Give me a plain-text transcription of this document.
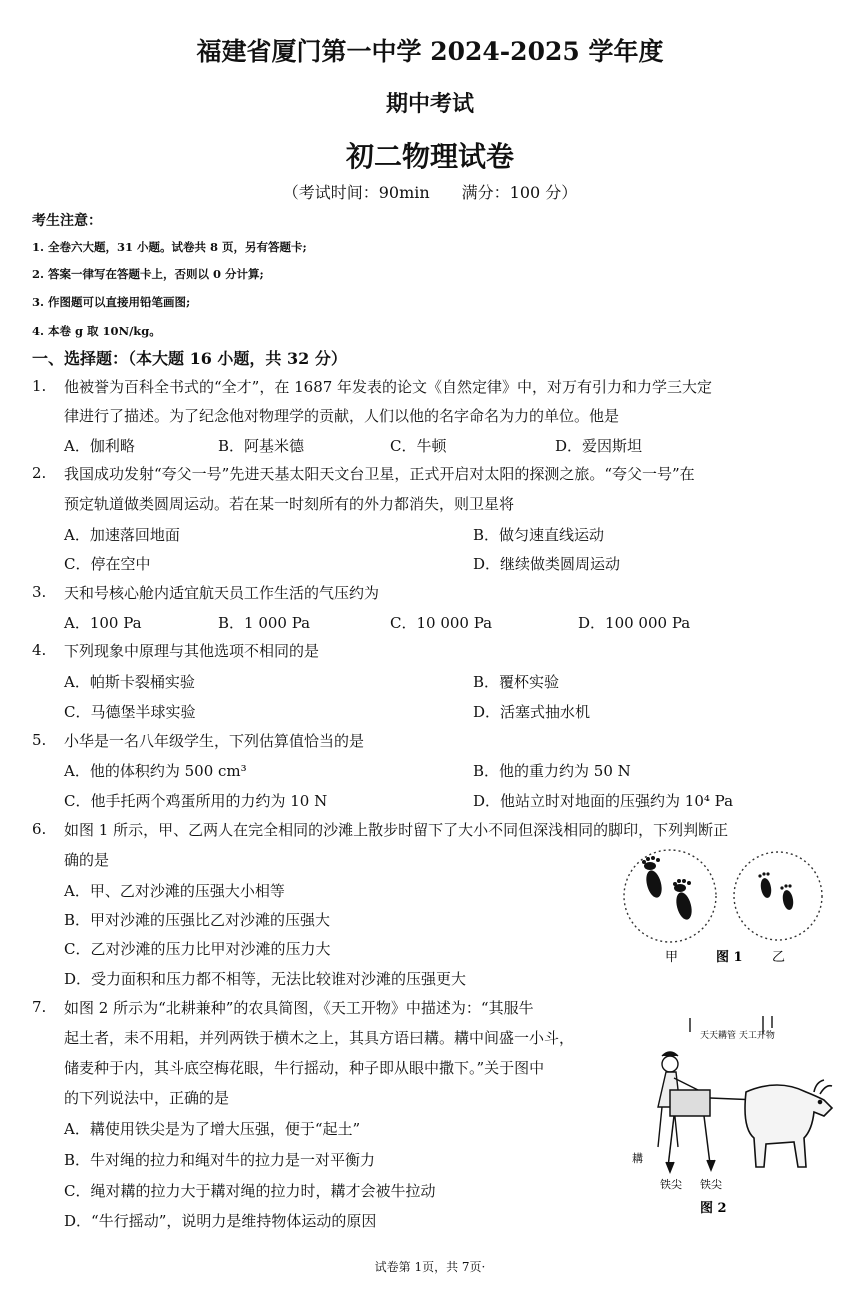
福建省厦门第一中学 2024-2025 学年度
期中考试
初二物理试卷
（考试时间：90min　　满分：100 分）
考生注意：
1. 全卷六大题，31 小题。试卷共 8 页，另有答题卡;
2. 答案一律写在答题卡上，否则以 0 分计算;
3. 作图题可以直接用铅笔画图;
4. 本卷 g 取 10N/kg。
一、选择题：（本大题 16 小题，共 32 分）
1. 他被誉为百科全书式的“全才”，在 1687 年发表的论文《自然定律》中，对万有引力和力学三大定
律进行了描述。为了纪念他对物理学的贡献，人们以他的名字命名为力的单位。他是
A．伽利略	B．阿基米德	C．牛顿	D．爱因斯坦
2. 我国成功发射“夸父一号”先进天基太阳天文台卫星，正式开启对太阳的探测之旅。“夸父一号”在
预定轨道做类圆周运动。若在某一时刻所有的外力都消失，则卫星将
A．加速落回地面	B．做匀速直线运动
C．停在空中	D．继续做类圆周运动
3. 天和号核心舱内适宜航天员工作生活的气压约为
A．100 Pa	B．1 000 Pa	C．10 000 Pa	D．100 000 Pa
4. 下列现象中原理与其他选项不相同的是
A．帕斯卡裂桶实验	B．覆杯实验
C．马德堡半球实验	D．活塞式抽水机
5. 小华是一名八年级学生，下列估算值恰当的是
A．他的体积约为 500 cm³	B．他的重力约为 50 N
C．他手托两个鸡蛋所用的力约为 10 N	D．他站立时对地面的压强约为 10⁴ Pa
6. 如图 1 所示，甲、乙两人在完全相同的沙滩上散步时留下了大小不同但深浅相同的脚印，下列判断正
确的是
A．甲、乙对沙滩的压强大小相等
B．甲对沙滩的压强比乙对沙滩的压强大
C．乙对沙滩的压力比甲对沙滩的压力大
D．受力面积和压力都不相等，无法比较谁对沙滩的压强更大
甲	图 1 乙
7. 如图 2 所示为“北耕兼种”的农具简图，《天工开物》中描述为：“其服牛
起土者，耒不用耜，并列两铁于横木之上，其具方语曰耩。耩中间盛一小斗，
储麦种于内，其斗底空梅花眼，牛行摇动，种子即从眼中撒下。”关于图中
的下列说法中，正确的是
A．耩使用铁尖是为了增大压强，便于“起土”
B．牛对绳的拉力和绳对牛的拉力是一对平衡力
C．绳对耩的拉力大于耩对绳的拉力时，耩才会被牛拉动
D．“牛行摇动”，说明力是维持物体运动的原因
天天耩管 天工开物
耩
铁尖 铁尖
图 2
试卷第 1页，共 7页·
